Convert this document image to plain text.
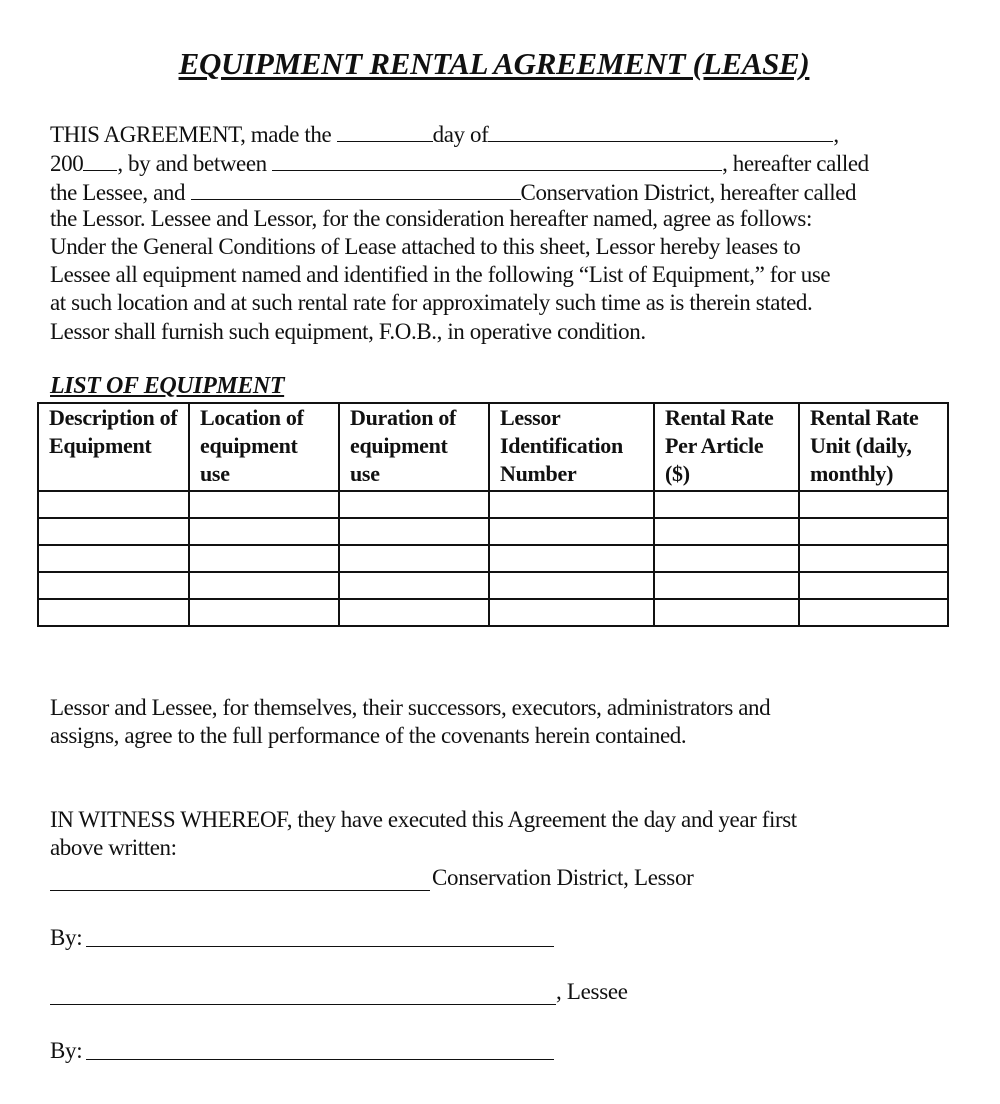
EQUIPMENT RENTAL AGREEMENT (LEASE)
THIS AGREEMENT, made the	day of	,
200 , by and between	, hereafter called
the Lessee, and	Conservation District, hereafter called
the Lessor. Lessee and Lessor, for the consideration hereafter named, agree as follows:
Under the General Conditions of Lease attached to this sheet, Lessor hereby leases to
Lessee all equipment named and identified in the following “List of Equipment,” for use
at such location and at such rental rate for approximately such time as is therein stated.
Lessor shall furnish such equipment, F.O.B., in operative condition.
LIST OF EQUIPMENT
Description of Equipment	Location of equipment use	Duration of equipment use	Lessor Identification Number	Rental Rate Per Article ($)	Rental Rate Unit (daily, monthly)

Lessor and Lessee, for themselves, their successors, executors, administrators and
assigns, agree to the full performance of the covenants herein contained.
IN WITNESS WHEREOF, they have executed this Agreement the day and year first
above written:
Conservation District, Lessor
By:
, Lessee
By:
